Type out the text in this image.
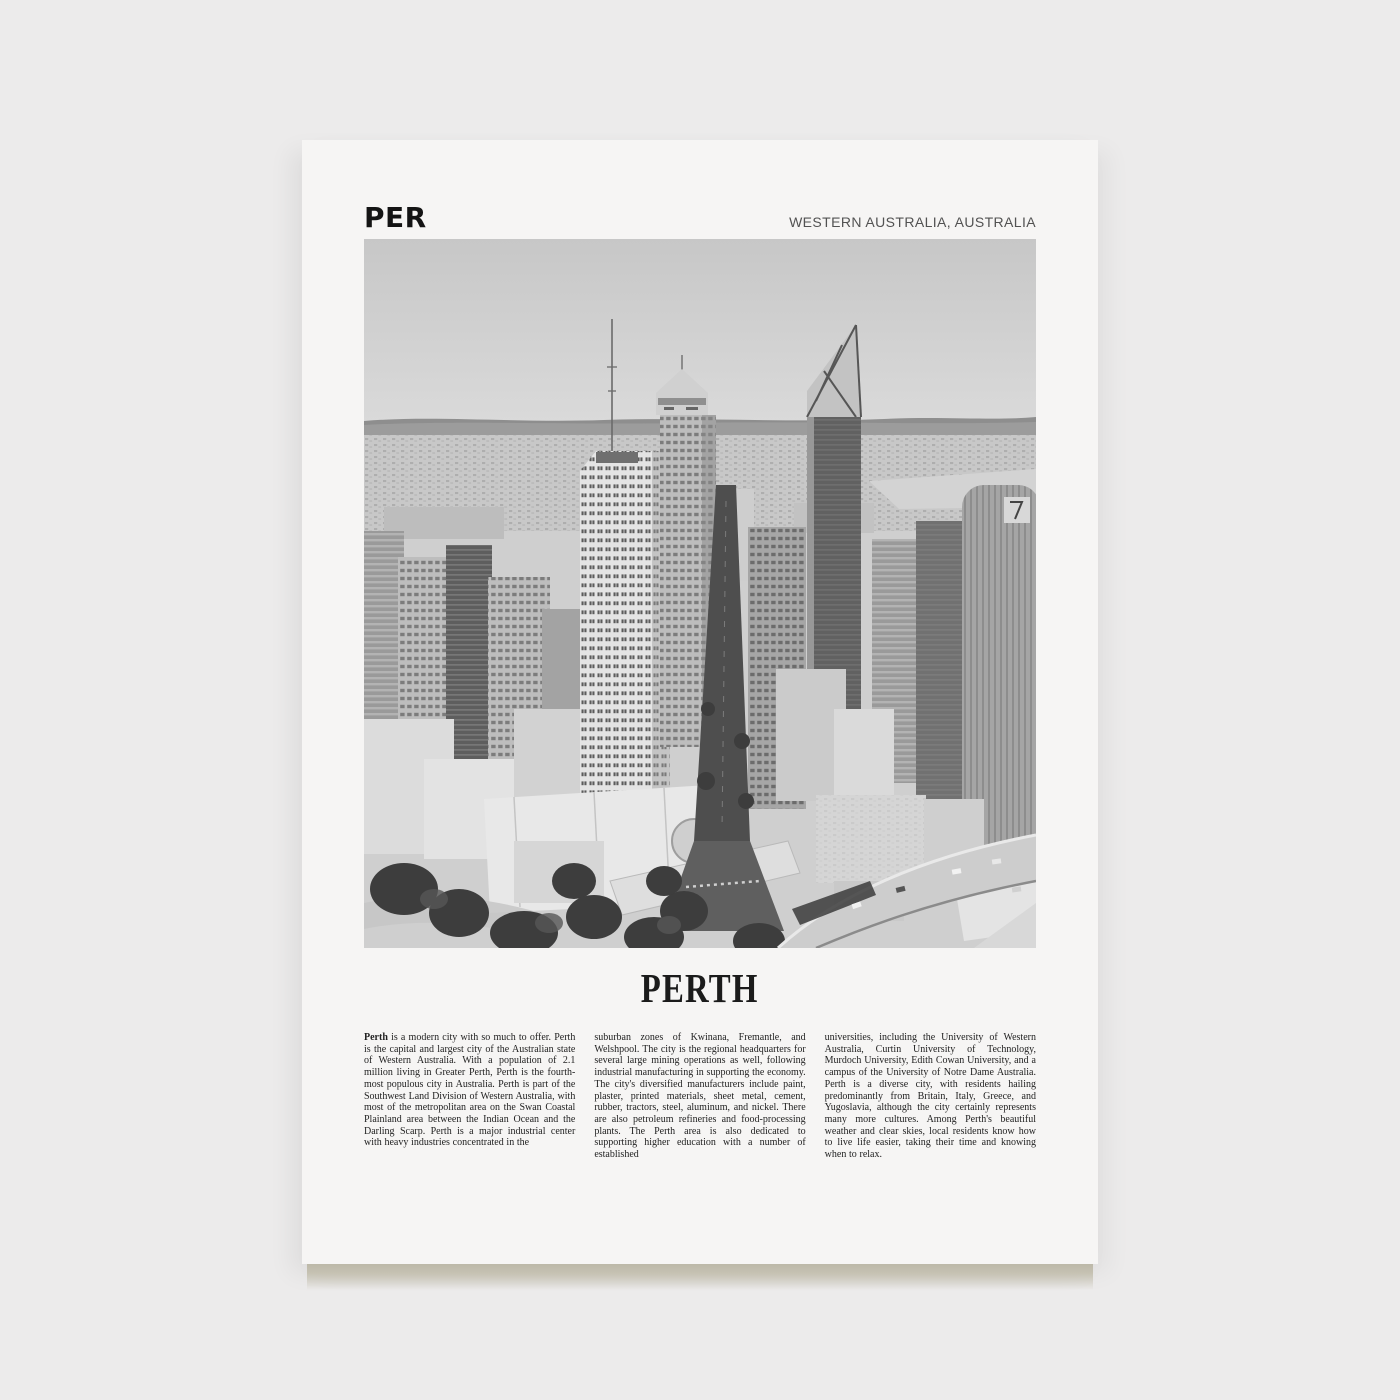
PER	WESTERN AUSTRALIA, AUSTRALIA
PERTH

Perth is a modern city with so much to offer. Perth is the capital and largest city of the Australian state of Western Australia. With a population of 2.1 million living in Greater Perth, Perth is the fourth-most populous city in Australia. Perth is part of the Southwest Land Division of Western Australia, with most of the metropolitan area on the Swan Coastal Plainland area between the Indian Ocean and the Darling Scarp. Perth is a major industrial center with heavy industries concentrated in the

suburban zones of Kwinana, Fremantle, and Welshpool. The city is the regional headquarters for several large mining operations as well, following industrial manufacturing in supporting the economy. The city's diversified manufacturers include paint, plaster, printed materials, sheet metal, cement, rubber, tractors, steel, aluminum, and nickel. There are also petroleum refineries and food-processing plants. The Perth area is also dedicated to supporting higher education with a number of established

universities, including the University of Western Australia, Curtin University of Technology, Murdoch University, Edith Cowan University, and a campus of the University of Notre Dame Australia. Perth is a diverse city, with residents hailing predominantly from Britain, Italy, Greece, and Yugoslavia, although the city certainly represents many more cultures. Among Perth's beautiful weather and clear skies, local residents know how to live life easier, taking their time and knowing when to relax.
